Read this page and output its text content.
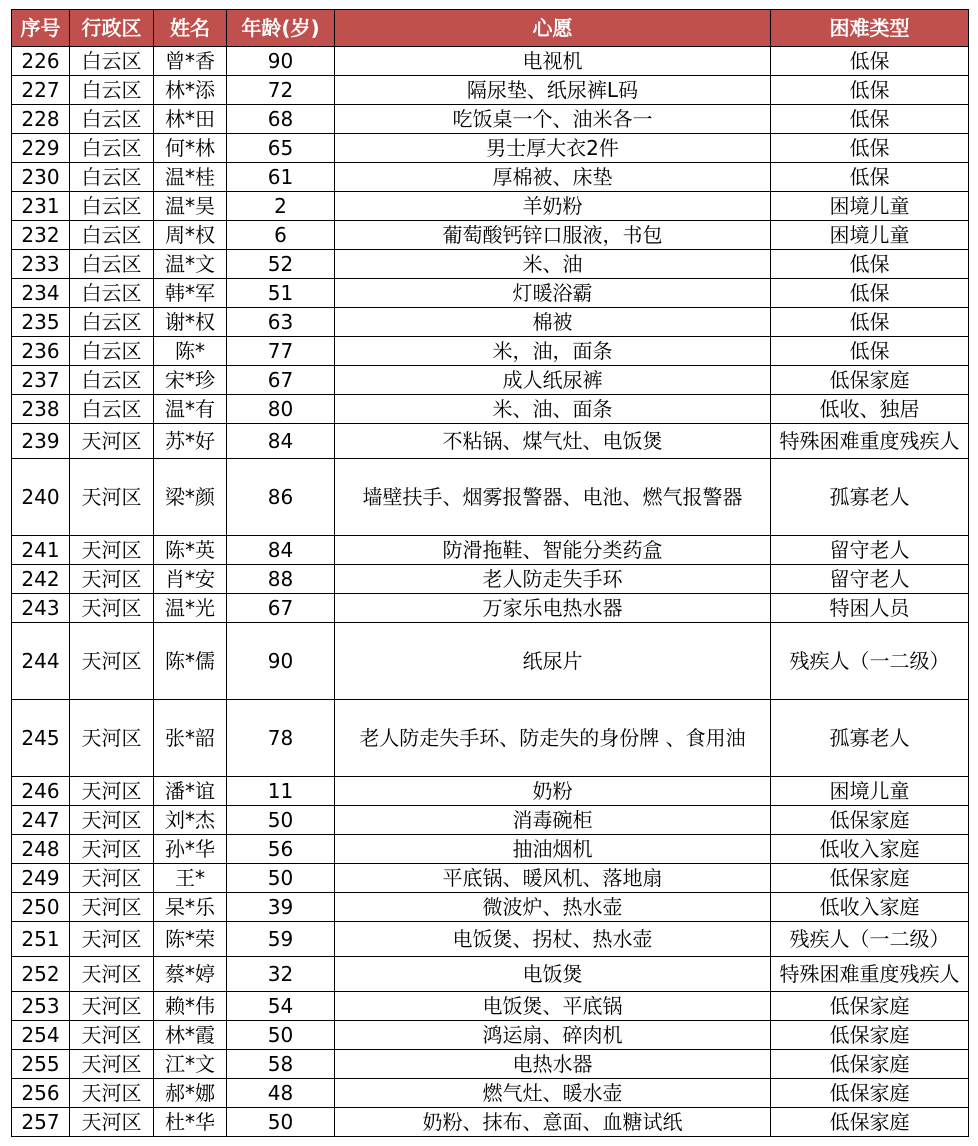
序号	行政区	姓名	年龄(岁)	心愿	困难类型
226	白云区	曾*香	90	电视机	低保
227	白云区	林*添	72	隔尿垫、纸尿裤L码	低保
228	白云区	林*田	68	吃饭桌一个、油米各一	低保
229	白云区	何*林	65	男士厚大衣2件	低保
230	白云区	温*桂	61	厚棉被、床垫	低保
231	白云区	温*昊	2	羊奶粉	困境儿童
232	白云区	周*权	6	葡萄酸钙锌口服液，书包	困境儿童
233	白云区	温*文	52	米、油	低保
234	白云区	韩*军	51	灯暖浴霸	低保
235	白云区	谢*权	63	棉被	低保
236	白云区	陈*	77	米，油，面条	低保
237	白云区	宋*珍	67	成人纸尿裤	低保家庭
238	白云区	温*有	80	米、油、面条	低收、独居
239	天河区	苏*好	84	不粘锅、煤气灶、电饭煲	特殊困难重度残疾人
240	天河区	梁*颜	86	墙壁扶手、烟雾报警器、电池、燃气报警器	孤寡老人
241	天河区	陈*英	84	防滑拖鞋、智能分类药盒	留守老人
242	天河区	肖*安	88	老人防走失手环	留守老人
243	天河区	温*光	67	万家乐电热水器	特困人员
244	天河区	陈*儒	90	纸尿片	残疾人（一二级）
245	天河区	张*韶	78	老人防走失手环、防走失的身份牌 、食用油	孤寡老人
246	天河区	潘*谊	11	奶粉	困境儿童
247	天河区	刘*杰	50	消毒碗柜	低保家庭
248	天河区	孙*华	56	抽油烟机	低收入家庭
249	天河区	王*	50	平底锅、暖风机、落地扇	低保家庭
250	天河区	杲*乐	39	微波炉、热水壶	低收入家庭
251	天河区	陈*荣	59	电饭煲、拐杖、热水壶	残疾人（一二级）
252	天河区	蔡*婷	32	电饭煲	特殊困难重度残疾人
253	天河区	赖*伟	54	电饭煲、平底锅	低保家庭
254	天河区	林*霞	50	鸿运扇、碎肉机	低保家庭
255	天河区	江*文	58	电热水器	低保家庭
256	天河区	郝*娜	48	燃气灶、暖水壶	低保家庭
257	天河区	杜*华	50	奶粉、抹布、意面、血糖试纸	低保家庭
